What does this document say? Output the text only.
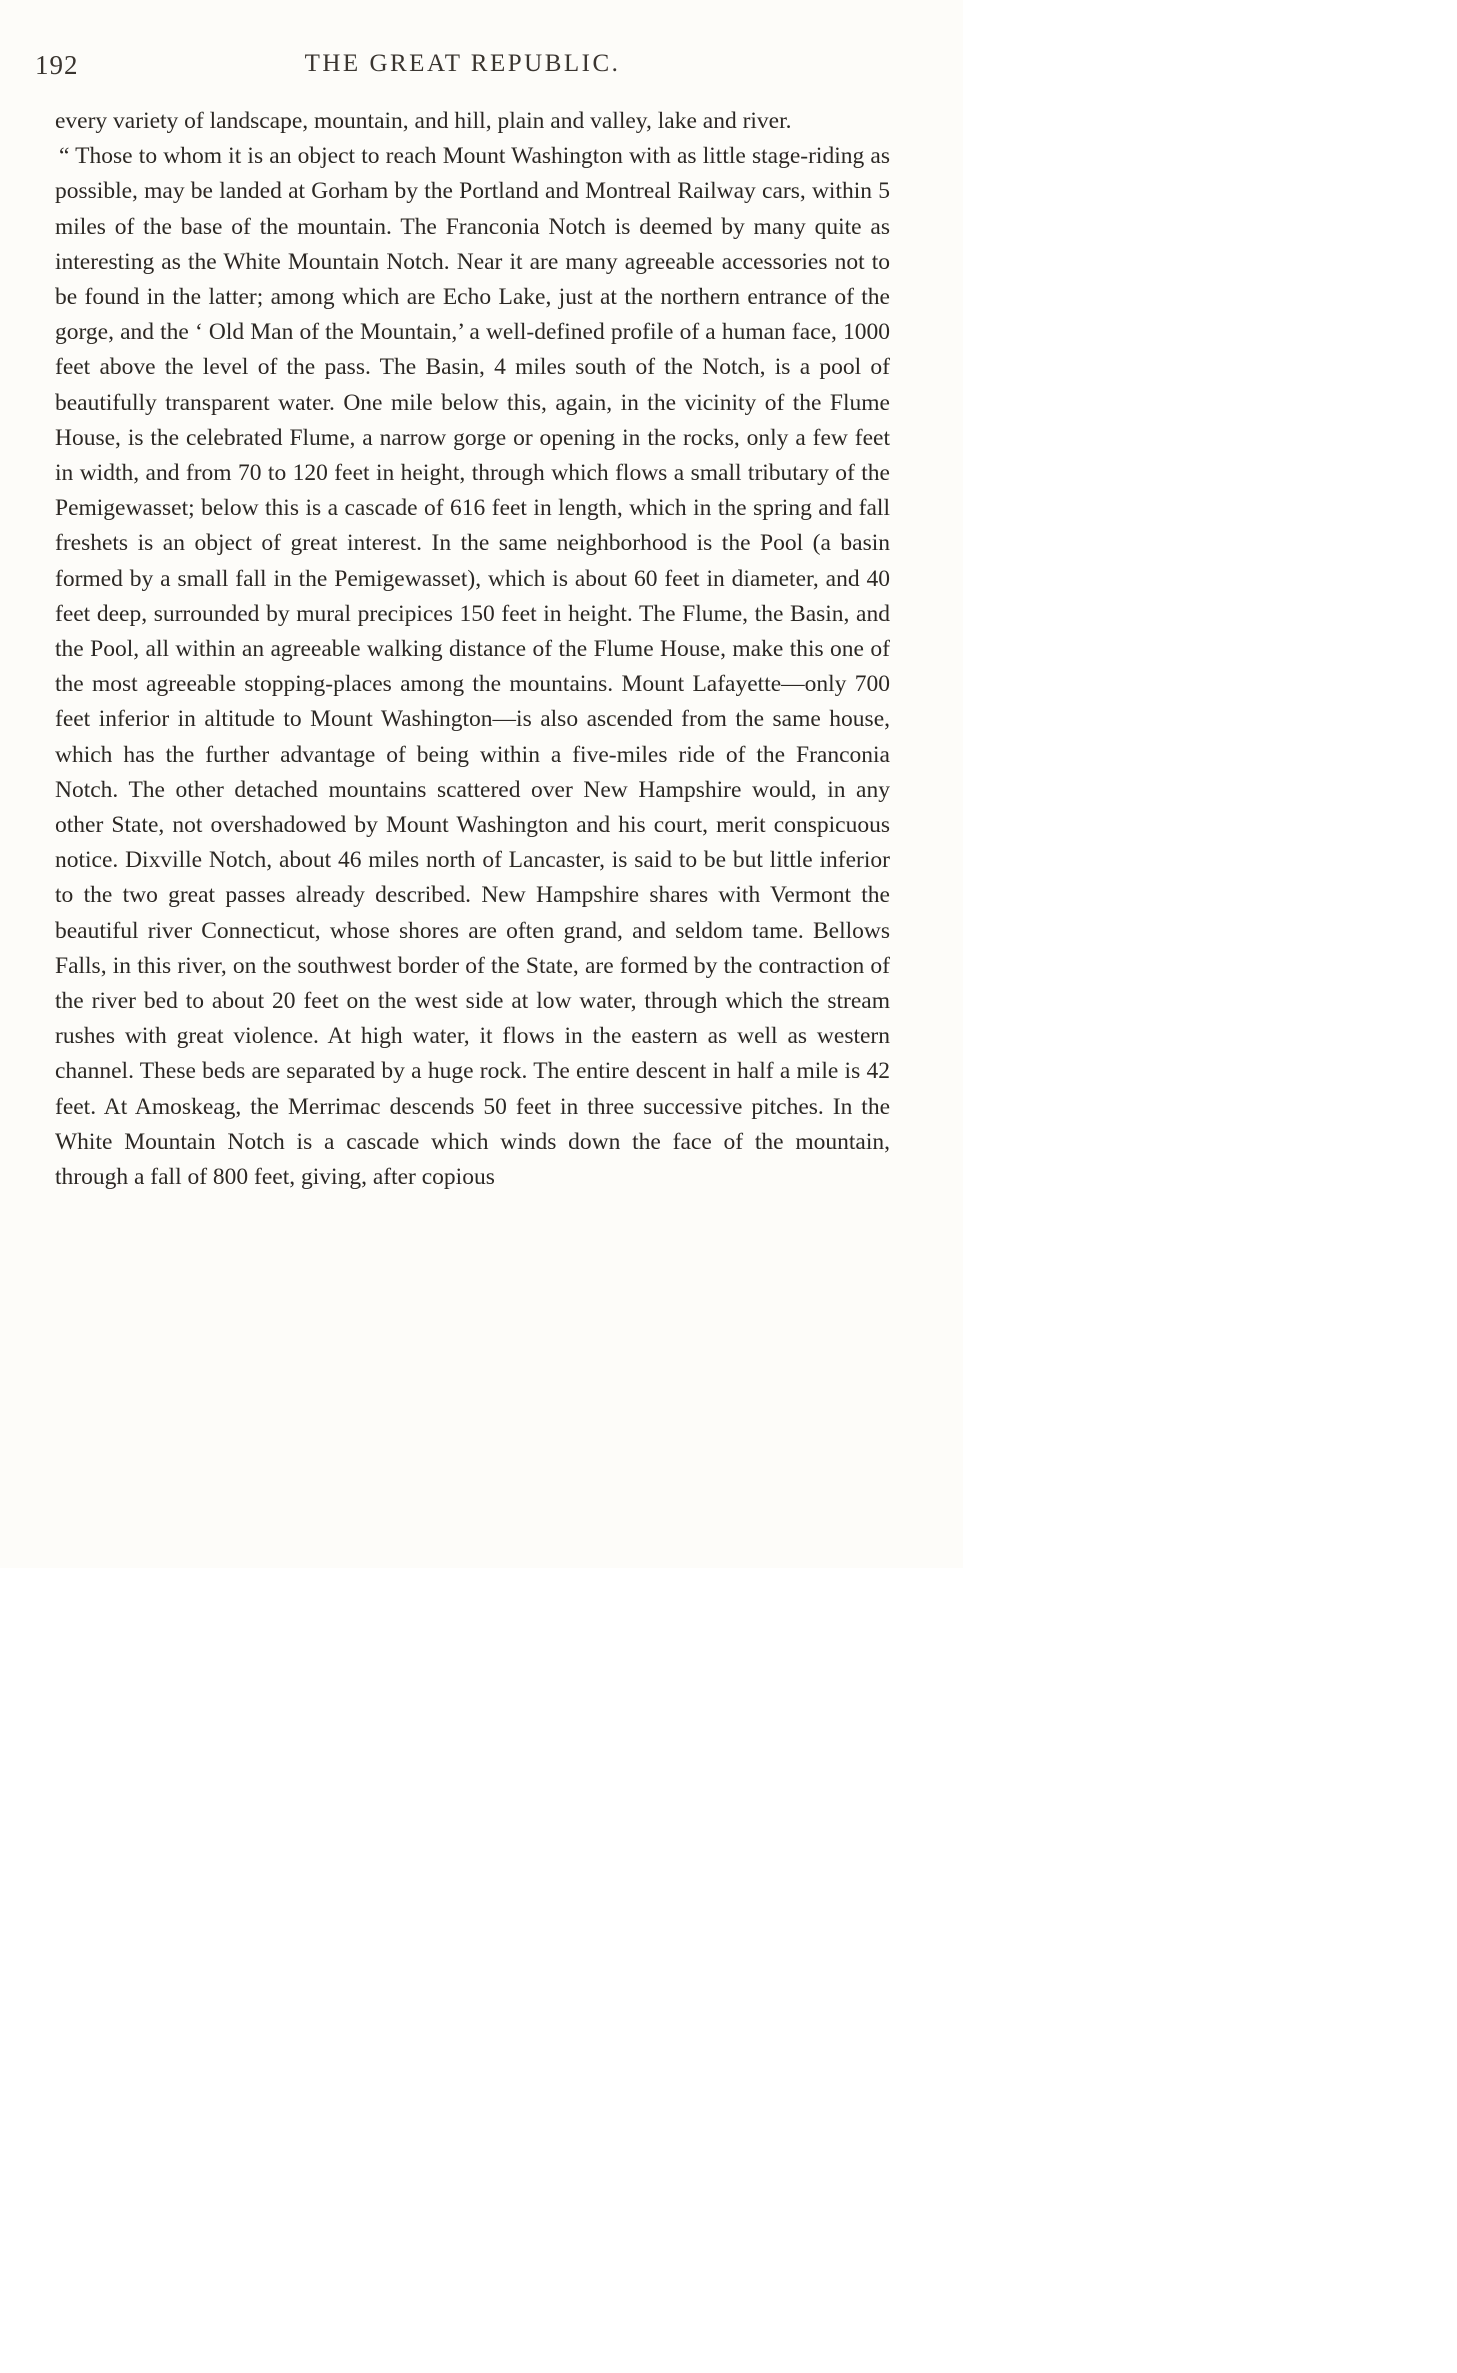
192	THE GREAT REPUBLIC.

every variety of landscape, mountain, and hill, plain and valley, lake and river.

“ Those to whom it is an object to reach Mount Washington with as little stage-riding as possible, may be landed at Gorham by the Portland and Montreal Railway cars, within 5 miles of the base of the mountain. The Franconia Notch is deemed by many quite as interesting as the White Mountain Notch. Near it are many agreeable accessories not to be found in the latter; among which are Echo Lake, just at the northern entrance of the gorge, and the ‘ Old Man of the Mountain,’ a well-defined profile of a human face, 1000 feet above the level of the pass. The Basin, 4 miles south of the Notch, is a pool of beautifully transparent water. One mile below this, again, in the vicinity of the Flume House, is the celebrated Flume, a narrow gorge or opening in the rocks, only a few feet in width, and from 70 to 120 feet in height, through which flows a small tributary of the Pemigewasset; below this is a cascade of 616 feet in length, which in the spring and fall freshets is an object of great interest. In the same neighborhood is the Pool (a basin formed by a small fall in the Pemigewasset), which is about 60 feet in diameter, and 40 feet deep, surrounded by mural precipices 150 feet in height. The Flume, the Basin, and the Pool, all within an agreeable walking distance of the Flume House, make this one of the most agreeable stopping-places among the mountains. Mount Lafayette—only 700 feet inferior in altitude to Mount Washington—is also ascended from the same house, which has the further advantage of being within a five-miles ride of the Franconia Notch. The other detached mountains scattered over New Hampshire would, in any other State, not overshadowed by Mount Washington and his court, merit conspicuous notice. Dixville Notch, about 46 miles north of Lancaster, is said to be but little inferior to the two great passes already described. New Hampshire shares with Vermont the beautiful river Connecticut, whose shores are often grand, and seldom tame. Bellows Falls, in this river, on the southwest border of the State, are formed by the contraction of the river bed to about 20 feet on the west side at low water, through which the stream rushes with great violence. At high water, it flows in the eastern as well as western channel. These beds are separated by a huge rock. The entire descent in half a mile is 42 feet. At Amoskeag, the Merrimac descends 50 feet in three successive pitches. In the White Mountain Notch is a cascade which winds down the face of the mountain, through a fall of 800 feet, giving, after copious
